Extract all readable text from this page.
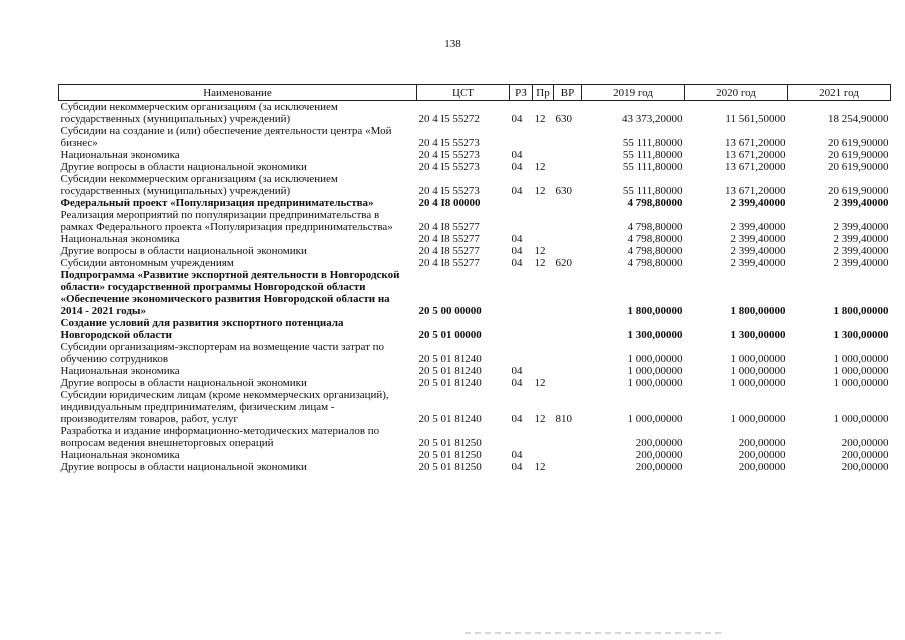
138
Наименование	ЦСТ	РЗ	Пр	ВР	2019 год	2020 год	2021 год
Субсидии некоммерческим организациям (за исключением государственных (муниципальных) учреждений)	20 4 I5 55272	04	12	630	43 373,20000	11 561,50000	18 254,90000
Субсидии на создание и (или) обеспечение деятельности центра «Мой бизнес»	20 4 I5 55273				55 111,80000	13 671,20000	20 619,90000
Национальная экономика	20 4 I5 55273	04			55 111,80000	13 671,20000	20 619,90000
Другие вопросы в области национальной экономики	20 4 I5 55273	04	12		55 111,80000	13 671,20000	20 619,90000
Субсидии некоммерческим организациям (за исключением государственных (муниципальных) учреждений)	20 4 I5 55273	04	12	630	55 111,80000	13 671,20000	20 619,90000
Федеральный проект «Популяризация предпринимательства»	20 4 I8 00000				4 798,80000	2 399,40000	2 399,40000
Реализация мероприятий по популяризации предпринимательства в рамках Федерального проекта «Популяризация предпринимательства»	20 4 I8 55277				4 798,80000	2 399,40000	2 399,40000
Национальная экономика	20 4 I8 55277	04			4 798,80000	2 399,40000	2 399,40000
Другие вопросы в области национальной экономики	20 4 I8 55277	04	12		4 798,80000	2 399,40000	2 399,40000
Субсидии автономным учреждениям	20 4 I8 55277	04	12	620	4 798,80000	2 399,40000	2 399,40000
Подпрограмма «Развитие экспортной деятельности в Новгородской области» государственной программы Новгородской области «Обеспечение экономического развития Новгородской области на 2014 - 2021 годы»	20 5 00 00000				1 800,00000	1 800,00000	1 800,00000
Создание условий для развития экспортного потенциала Новгородской области	20 5 01 00000				1 300,00000	1 300,00000	1 300,00000
Субсидии организациям-экспортерам на возмещение части затрат по обучению сотрудников	20 5 01 81240				1 000,00000	1 000,00000	1 000,00000
Национальная экономика	20 5 01 81240	04			1 000,00000	1 000,00000	1 000,00000
Другие вопросы в области национальной экономики	20 5 01 81240	04	12		1 000,00000	1 000,00000	1 000,00000
Субсидии юридическим лицам (кроме некоммерческих организаций), индивидуальным предпринимателям, физическим лицам - производителям товаров, работ, услуг	20 5 01 81240	04	12	810	1 000,00000	1 000,00000	1 000,00000
Разработка и издание информационно-методических материалов по вопросам ведения внешнеторговых операций	20 5 01 81250				200,00000	200,00000	200,00000
Национальная экономика	20 5 01 81250	04			200,00000	200,00000	200,00000
Другие вопросы в области национальной экономики	20 5 01 81250	04	12		200,00000	200,00000	200,00000
